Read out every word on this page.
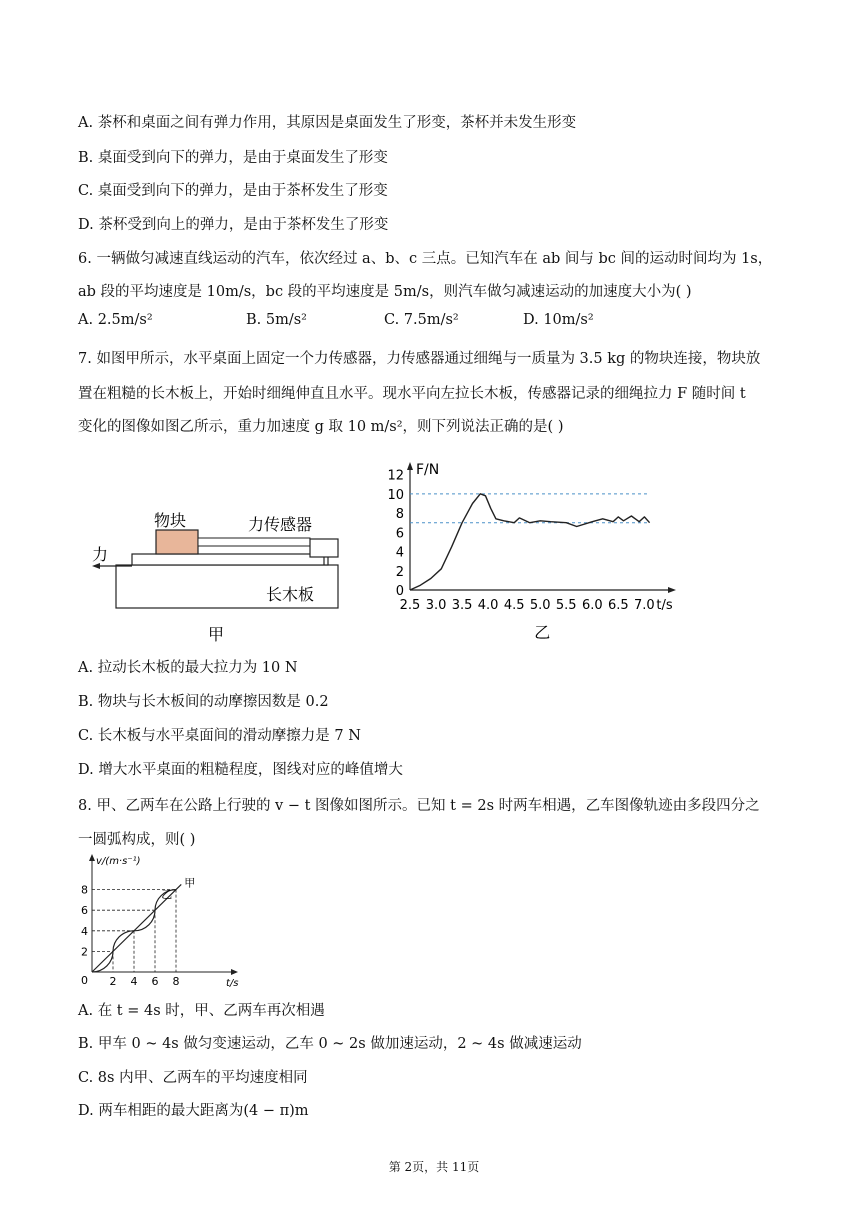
A. 茶杯和桌面之间有弹力作用，其原因是桌面发生了形变，茶杯并未发生形变
B. 桌面受到向下的弹力，是由于桌面发生了形变
C. 桌面受到向下的弹力，是由于茶杯发生了形变
D. 茶杯受到向上的弹力，是由于茶杯发生了形变
6. 一辆做匀减速直线运动的汽车，依次经过 a、b、c 三点。已知汽车在 ab 间与 bc 间的运动时间均为 1s，
ab 段的平均速度是 10m/s，bc 段的平均速度是 5m/s，则汽车做匀减速运动的加速度大小为( )
A. 2.5m/s²	B. 5m/s²	C. 7.5m/s²	D. 10m/s²
7. 如图甲所示，水平桌面上固定一个力传感器，力传感器通过细绳与一质量为 3.5 kg 的物块连接，物块放
置在粗糙的长木板上，开始时细绳伸直且水平。现水平向左拉长木板，传感器记录的细绳拉力 F 随时间 t
变化的图像如图乙所示，重力加速度 g 取 10 m/s²，则下列说法正确的是( )
力
物块	力传感器
长木板
甲
F/N
0
2
4
6
8
10
12
2.5 3.0 3.5 4.0 4.5 5.0 5.5 6.0 6.5 7.0 t/s
乙
A. 拉动长木板的最大拉力为 10 N
B. 物块与长木板间的动摩擦因数是 0.2
C. 长木板与水平桌面间的滑动摩擦力是 7 N
D. 增大水平桌面的粗糙程度，图线对应的峰值增大
8. 甲、乙两车在公路上行驶的 v − t 图像如图所示。已知 t = 2s 时两车相遇，乙车图像轨迹由多段四分之
一圆弧构成，则( )
v/(m·s⁻¹)
t/s
0 2 4 6 8
2
4
6
8
甲
乙
A. 在 t = 4s 时，甲、乙两车再次相遇
B. 甲车 0 ~ 4s 做匀变速运动，乙车 0 ~ 2s 做加速运动，2 ~ 4s 做减速运动
C. 8s 内甲、乙两车的平均速度相同
D. 两车相距的最大距离为(4 − π)m
第 2页，共 11页
